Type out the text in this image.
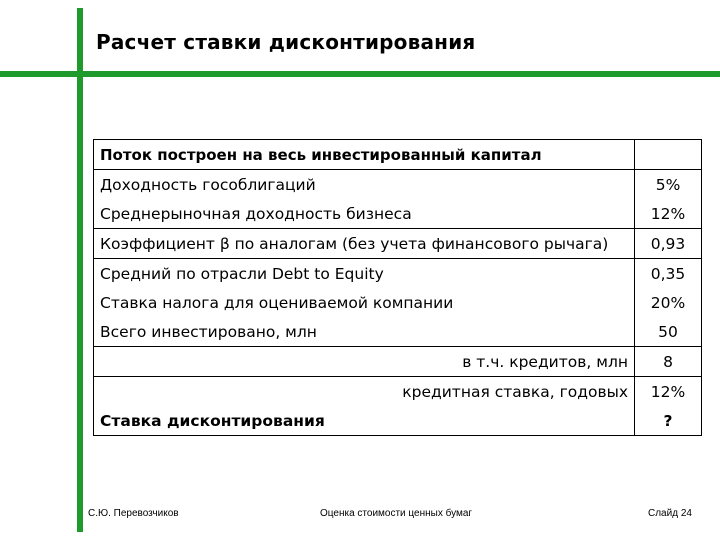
Расчет ставки дисконтирования
Поток построен на весь инвестированный капитал	
Доходность гособлигаций	5%
Среднерыночная доходность бизнеса	12%
Коэффициент β по аналогам (без учета финансового рычага)	0,93
Средний по отрасли Debt to Equity	0,35
Ставка налога для оцениваемой компании	20%
Всего инвестировано, млн	50
в т.ч. кредитов, млн	8
кредитная ставка, годовых	12%
Ставка дисконтирования	?
С.Ю. Перевозчиков	Оценка стоимости ценных бумаг	Слайд 24
